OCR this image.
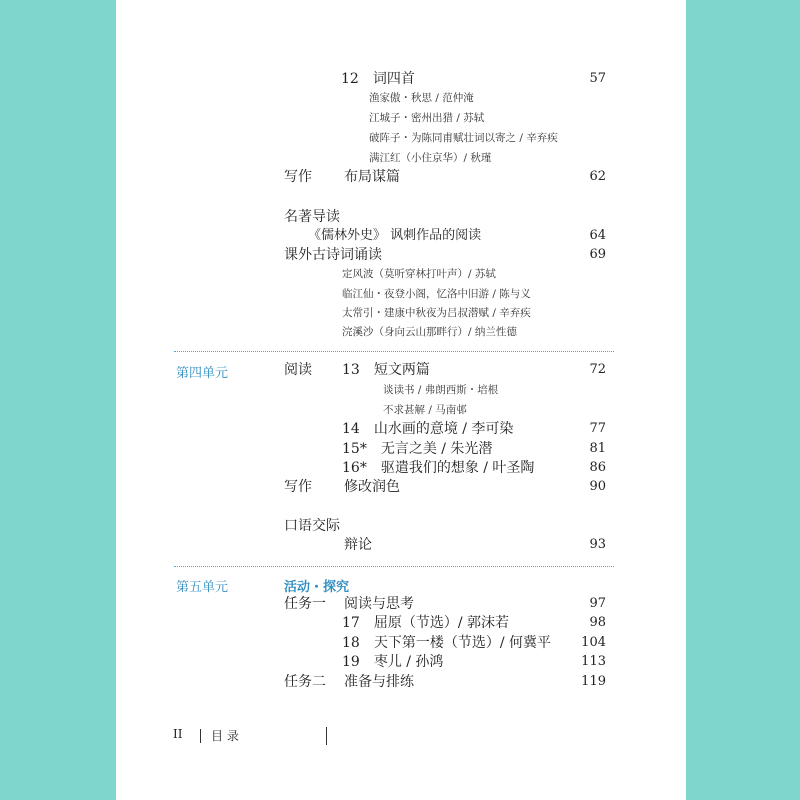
12　词四首	57
渔家傲・秋思 / 范仲淹
江城子・密州出猎 / 苏轼
破阵子・为陈同甫赋壮词以寄之 / 辛弃疾
满江红（小住京华）/ 秋瑾
写作 布局谋篇	62
名著导读
《儒林外史》 讽刺作品的阅读	64
课外古诗词诵读	69
定风波（莫听穿林打叶声）/ 苏轼
临江仙・夜登小阁，忆洛中旧游 / 陈与义
太常引・建康中秋夜为吕叔潜赋 / 辛弃疾
浣溪沙（身向云山那畔行）/ 纳兰性德
第四单元	阅读 13　短文两篇	72
谈读书 / 弗朗西斯・培根
不求甚解 / 马南邨
14　山水画的意境 / 李可染	77
15*　无言之美 / 朱光潜	81
16*　驱遣我们的想象 / 叶圣陶	86
写作 修改润色	90
口语交际
辩论	93
第五单元	活动・探究
任务一 阅读与思考	97
17　屈原（节选）/ 郭沫若	98
18　天下第一楼（节选）/ 何冀平	104
19　枣儿 / 孙鸿	113
任务二 准备与排练	119
II 目 录
